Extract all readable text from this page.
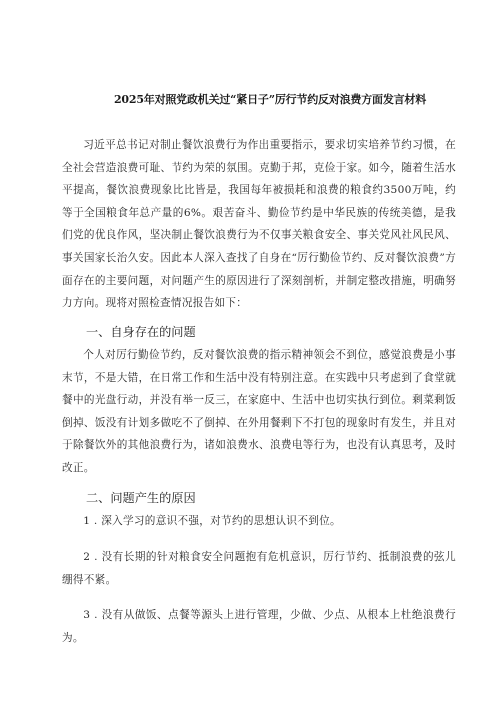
2025年对照党政机关过“紧日子”厉行节约反对浪费方面发言材料

习近平总书记对制止餐饮浪费行为作出重要指示，要求切实培养节约习惯，在全社会营造浪费可耻、节约为荣的氛围。克勤于邦，克俭于家。如今，随着生活水平提高，餐饮浪费现象比比皆是，我国每年被损耗和浪费的粮食约3500万吨，约等于全国粮食年总产量的6%。艰苦奋斗、勤俭节约是中华民族的传统美德，是我们党的优良作风，坚决制止餐饮浪费行为不仅事关粮食安全、事关党风社风民风、事关国家长治久安。因此本人深入查找了自身在“厉行勤俭节约、反对餐饮浪费”方面存在的主要问题，对问题产生的原因进行了深刻剖析，并制定整改措施，明确努力方向。现将对照检查情况报告如下：

一、自身存在的问题

个人对厉行勤俭节约，反对餐饮浪费的指示精神领会不到位，感觉浪费是小事末节，不是大错，在日常工作和生活中没有特别注意。在实践中只考虑到了食堂就餐中的光盘行动，并没有举一反三，在家庭中、生活中也切实执行到位。剩菜剩饭倒掉、饭没有计划多做吃不了倒掉、在外用餐剩下不打包的现象时有发生，并且对于除餐饮外的其他浪费行为，诸如浪费水、浪费电等行为，也没有认真思考，及时改正。

二、问题产生的原因

1 . 深入学习的意识不强，对节约的思想认识不到位。

2 . 没有长期的针对粮食安全问题抱有危机意识，厉行节约、抵制浪费的弦儿绷得不紧。

3 . 没有从做饭、点餐等源头上进行管理，少做、少点、从根本上杜绝浪费行为。
